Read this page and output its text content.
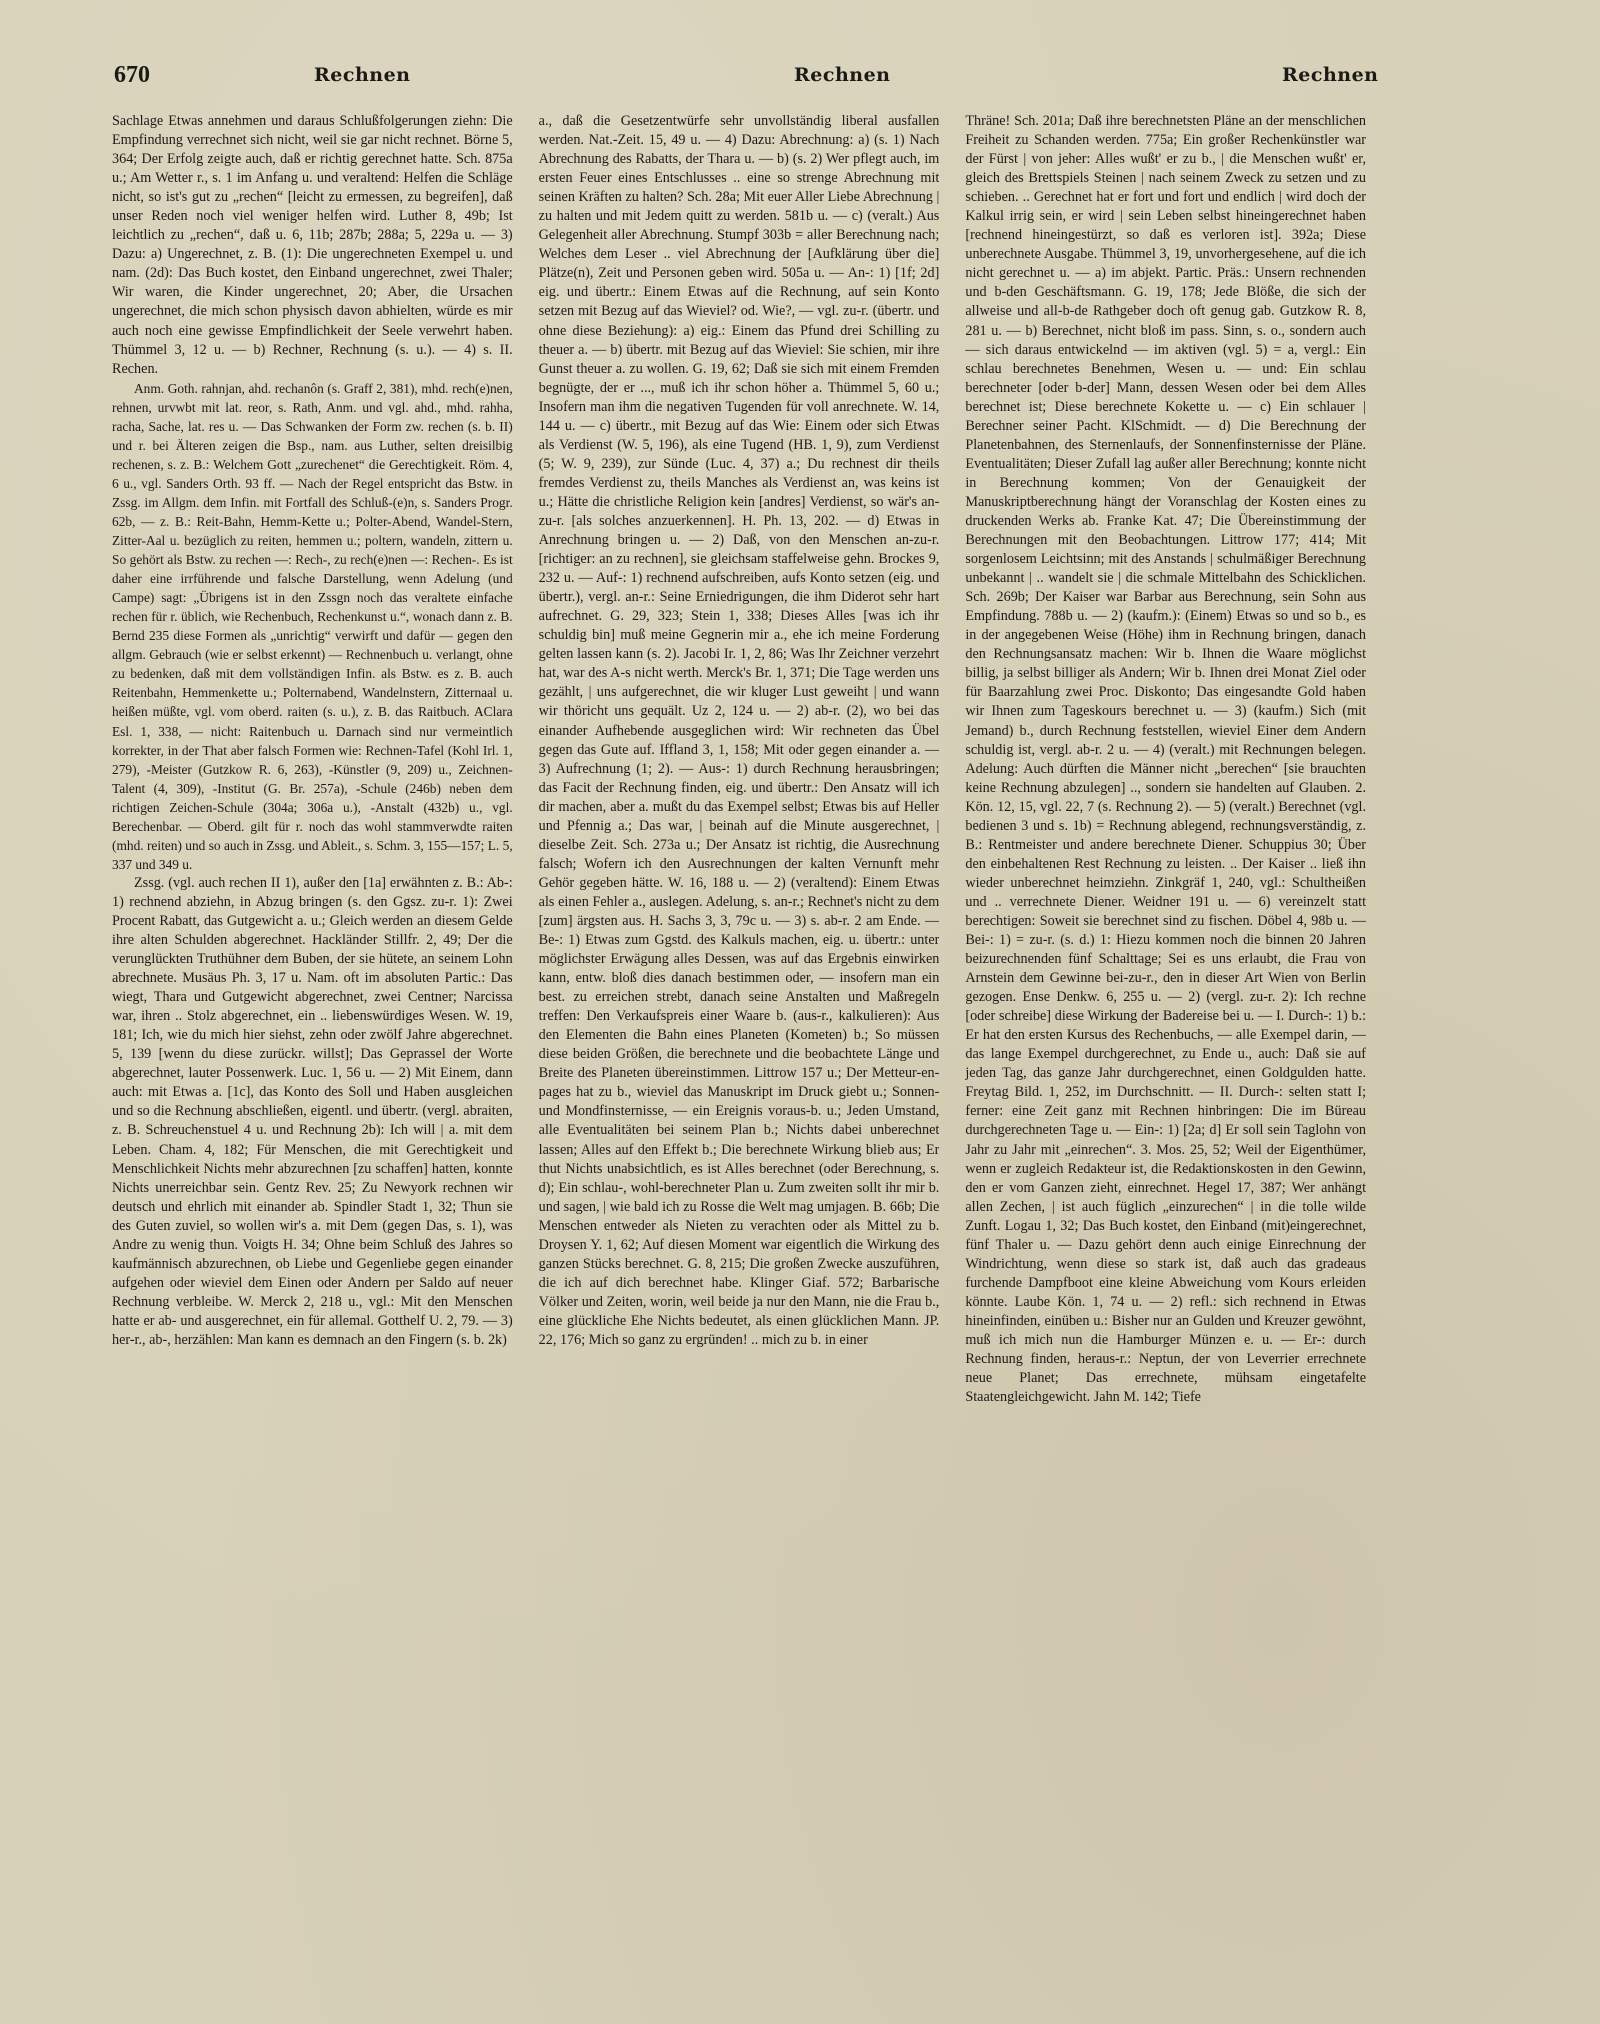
670	Rechnen	Rechnen	Rechnen

Sachlage Etwas annehmen und daraus Schlußfolgerungen ziehn: Die Empfindung verrechnet sich nicht, weil sie gar nicht rechnet. Börne 5, 364; Der Erfolg zeigte auch, daß er richtig gerechnet hatte. Sch. 875a u.; Am Wetter r., s. 1 im Anfang u. und veraltend: Helfen die Schläge nicht, so ist's gut zu „rechen“ [leicht zu ermessen, zu begreifen], daß unser Reden noch viel weniger helfen wird. Luther 8, 49b; Ist leichtlich zu „rechen“, daß u. 6, 11b; 287b; 288a; 5, 229a u. — 3) Dazu: a) Ungerechnet, z. B. (1): Die ungerechneten Exempel u. und nam. (2d): Das Buch kostet, den Einband ungerechnet, zwei Thaler; Wir waren, die Kinder ungerechnet, 20; Aber, die Ursachen ungerechnet, die mich schon physisch davon abhielten, würde es mir auch noch eine gewisse Empfindlichkeit der Seele verwehrt haben. Thümmel 3, 12 u. — b) Rechner, Rechnung (s. u.). — 4) s. II. Rechen.

Anm. Goth. rahnjan, ahd. rechanôn (s. Graff 2, 381), mhd. rech(e)nen, rehnen, urvwbt mit lat. reor, s. Rath, Anm. und vgl. ahd., mhd. rahha, racha, Sache, lat. res u. — Das Schwanken der Form zw. rechen (s. b. II) und r. bei Älteren zeigen die Bsp., nam. aus Luther, selten dreisilbig rechenen, s. z. B.: Welchem Gott „zurechenet“ die Gerechtigkeit. Röm. 4, 6 u., vgl. Sanders Orth. 93 ff. — Nach der Regel entspricht das Bstw. in Zssg. im Allgm. dem Infin. mit Fortfall des Schluß-(e)n, s. Sanders Progr. 62b, — z. B.: Reit-Bahn, Hemm-Kette u.; Polter-Abend, Wandel-Stern, Zitter-Aal u. bezüglich zu reiten, hemmen u.; poltern, wandeln, zittern u. So gehört als Bstw. zu rechen —: Rech-, zu rech(e)nen —: Rechen-. Es ist daher eine irrführende und falsche Darstellung, wenn Adelung (und Campe) sagt: „Übrigens ist in den Zssgn noch das veraltete einfache rechen für r. üblich, wie Rechenbuch, Rechenkunst u.“, wonach dann z. B. Bernd 235 diese Formen als „unrichtig“ verwirft und dafür — gegen den allgm. Gebrauch (wie er selbst erkennt) — Rechnenbuch u. verlangt, ohne zu bedenken, daß mit dem vollständigen Infin. als Bstw. es z. B. auch Reitenbahn, Hemmenkette u.; Polternabend, Wandelnstern, Zitternaal u. heißen müßte, vgl. vom oberd. raiten (s. u.), z. B. das Raitbuch. AClara Esl. 1, 338, — nicht: Raitenbuch u. Darnach sind nur vermeintlich korrekter, in der That aber falsch Formen wie: Rechnen-Tafel (Kohl Irl. 1, 279), -Meister (Gutzkow R. 6, 263), -Künstler (9, 209) u., Zeichnen-Talent (4, 309), -Institut (G. Br. 257a), -Schule (246b) neben dem richtigen Zeichen-Schule (304a; 306a u.), -Anstalt (432b) u., vgl. Berechenbar. — Oberd. gilt für r. noch das wohl stammverwdte raiten (mhd. reiten) und so auch in Zssg. und Ableit., s. Schm. 3, 155—157; L. 5, 337 und 349 u.

Zssg. (vgl. auch rechen II 1), außer den [1a] erwähnten z. B.: Ab-: 1) rechnend abziehn, in Abzug bringen (s. den Ggsz. zu-r. 1): Zwei Procent Rabatt, das Gutgewicht a. u.; Gleich werden an diesem Gelde ihre alten Schulden abgerechnet. Hackländer Stillfr. 2, 49; Der die verunglückten Truthühner dem Buben, der sie hütete, an seinem Lohn abrechnete. Musäus Ph. 3, 17 u. Nam. oft im absoluten Partic.: Das wiegt, Thara und Gutgewicht abgerechnet, zwei Centner; Narcissa war, ihren .. Stolz abgerechnet, ein .. liebenswürdiges Wesen. W. 19, 181; Ich, wie du mich hier siehst, zehn oder zwölf Jahre abgerechnet. 5, 139 [wenn du diese zurückr. willst]; Das Geprassel der Worte abgerechnet, lauter Possenwerk. Luc. 1, 56 u. — 2) Mit Einem, dann auch: mit Etwas a. [1c], das Konto des Soll und Haben ausgleichen und so die Rechnung abschließen, eigentl. und übertr. (vergl. abraiten, z. B. Schreuchenstuel 4 u. und Rechnung 2b): Ich will | a. mit dem Leben. Cham. 4, 182; Für Menschen, die mit Gerechtigkeit und Menschlichkeit Nichts mehr abzurechnen [zu schaffen] hatten, konnte Nichts unerreichbar sein. Gentz Rev. 25; Zu Newyork rechnen wir deutsch und ehrlich mit einander ab. Spindler Stadt 1, 32; Thun sie des Guten zuviel, so wollen wir's a. mit Dem (gegen Das, s. 1), was Andre zu wenig thun. Voigts H. 34; Ohne beim Schluß des Jahres so kaufmännisch abzurechnen, ob Liebe und Gegenliebe gegen einander aufgehen oder wieviel dem Einen oder Andern per Saldo auf neuer Rechnung verbleibe. W. Merck 2, 218 u., vgl.: Mit den Menschen hatte er ab- und ausgerechnet, ein für allemal. Gotthelf U. 2, 79. — 3) her-r., ab-, herzählen: Man kann es demnach an den Fingern (s. b. 2k)

a., daß die Gesetzentwürfe sehr unvollständig liberal ausfallen werden. Nat.-Zeit. 15, 49 u. — 4) Dazu: Abrechnung: a) (s. 1) Nach Abrechnung des Rabatts, der Thara u. — b) (s. 2) Wer pflegt auch, im ersten Feuer eines Entschlusses .. eine so strenge Abrechnung mit seinen Kräften zu halten? Sch. 28a; Mit euer Aller Liebe Abrechnung | zu halten und mit Jedem quitt zu werden. 581b u. — c) (veralt.) Aus Gelegenheit aller Abrechnung. Stumpf 303b = aller Berechnung nach; Welches dem Leser .. viel Abrechnung der [Aufklärung über die] Plätze(n), Zeit und Personen geben wird. 505a u. — An-: 1) [1f; 2d] eig. und übertr.: Einem Etwas auf die Rechnung, auf sein Konto setzen mit Bezug auf das Wieviel? od. Wie?, — vgl. zu-r. (übertr. und ohne diese Beziehung): a) eig.: Einem das Pfund drei Schilling zu theuer a. — b) übertr. mit Bezug auf das Wieviel: Sie schien, mir ihre Gunst theuer a. zu wollen. G. 19, 62; Daß sie sich mit einem Fremden begnügte, der er ..., muß ich ihr schon höher a. Thümmel 5, 60 u.; Insofern man ihm die negativen Tugenden für voll anrechnete. W. 14, 144 u. — c) übertr., mit Bezug auf das Wie: Einem oder sich Etwas als Verdienst (W. 5, 196), als eine Tugend (HB. 1, 9), zum Verdienst (5; W. 9, 239), zur Sünde (Luc. 4, 37) a.; Du rechnest dir theils fremdes Verdienst zu, theils Manches als Verdienst an, was keins ist u.; Hätte die christliche Religion kein [andres] Verdienst, so wär's an-zu-r. [als solches anzuerkennen]. H. Ph. 13, 202. — d) Etwas in Anrechnung bringen u. — 2) Daß, von den Menschen an-zu-r. [richtiger: an zu rechnen], sie gleichsam staffelweise gehn. Brockes 9, 232 u. — Auf-: 1) rechnend aufschreiben, aufs Konto setzen (eig. und übertr.), vergl. an-r.: Seine Erniedrigungen, die ihm Diderot sehr hart aufrechnet. G. 29, 323; Stein 1, 338; Dieses Alles [was ich ihr schuldig bin] muß meine Gegnerin mir a., ehe ich meine Forderung gelten lassen kann (s. 2). Jacobi Ir. 1, 2, 86; Was Ihr Zeichner verzehrt hat, war des A-s nicht werth. Merck's Br. 1, 371; Die Tage werden uns gezählt, | uns aufgerechnet, die wir kluger Lust geweiht | und wann wir thöricht uns gequält. Uz 2, 124 u. — 2) ab-r. (2), wo bei das einander Aufhebende ausgeglichen wird: Wir rechneten das Übel gegen das Gute auf. Iffland 3, 1, 158; Mit oder gegen einander a. — 3) Aufrechnung (1; 2). — Aus-: 1) durch Rechnung herausbringen; das Facit der Rechnung finden, eig. und übertr.: Den Ansatz will ich dir machen, aber a. mußt du das Exempel selbst; Etwas bis auf Heller und Pfennig a.; Das war, | beinah auf die Minute ausgerechnet, | dieselbe Zeit. Sch. 273a u.; Der Ansatz ist richtig, die Ausrechnung falsch; Wofern ich den Ausrechnungen der kalten Vernunft mehr Gehör gegeben hätte. W. 16, 188 u. — 2) (veraltend): Einem Etwas als einen Fehler a., auslegen. Adelung, s. an-r.; Rechnet's nicht zu dem [zum] ärgsten aus. H. Sachs 3, 3, 79c u. — 3) s. ab-r. 2 am Ende. — Be-: 1) Etwas zum Ggstd. des Kalkuls machen, eig. u. übertr.: unter möglichster Erwägung alles Dessen, was auf das Ergebnis einwirken kann, entw. bloß dies danach bestimmen oder, — insofern man ein best. zu erreichen strebt, danach seine Anstalten und Maßregeln treffen: Den Verkaufspreis einer Waare b. (aus-r., kalkulieren): Aus den Elementen die Bahn eines Planeten (Kometen) b.; So müssen diese beiden Größen, die berechnete und die beobachtete Länge und Breite des Planeten übereinstimmen. Littrow 157 u.; Der Metteur-en-pages hat zu b., wieviel das Manuskript im Druck giebt u.; Sonnen- und Mondfinsternisse, — ein Ereignis voraus-b. u.; Jeden Umstand, alle Eventualitäten bei seinem Plan b.; Nichts dabei unberechnet lassen; Alles auf den Effekt b.; Die berechnete Wirkung blieb aus; Er thut Nichts unabsichtlich, es ist Alles berechnet (oder Berechnung, s. d); Ein schlau-, wohl-berechneter Plan u. Zum zweiten sollt ihr mir b. und sagen, | wie bald ich zu Rosse die Welt mag umjagen. B. 66b; Die Menschen entweder als Nieten zu verachten oder als Mittel zu b. Droysen Y. 1, 62; Auf diesen Moment war eigentlich die Wirkung des ganzen Stücks berechnet. G. 8, 215; Die großen Zwecke auszuführen, die ich auf dich berechnet habe. Klinger Giaf. 572; Barbarische Völker und Zeiten, worin, weil beide ja nur den Mann, nie die Frau b., eine glückliche Ehe Nichts bedeutet, als einen glücklichen Mann. JP. 22, 176; Mich so ganz zu ergründen! .. mich zu b. in einer

Thräne! Sch. 201a; Daß ihre berechnetsten Pläne an der menschlichen Freiheit zu Schanden werden. 775a; Ein großer Rechenkünstler war der Fürst | von jeher: Alles wußt' er zu b., | die Menschen wußt' er, gleich des Brettspiels Steinen | nach seinem Zweck zu setzen und zu schieben. .. Gerechnet hat er fort und fort und endlich | wird doch der Kalkul irrig sein, er wird | sein Leben selbst hineingerechnet haben [rechnend hineingestürzt, so daß es verloren ist]. 392a; Diese unberechnete Ausgabe. Thümmel 3, 19, unvorhergesehene, auf die ich nicht gerechnet u. — a) im abjekt. Partic. Präs.: Unsern rechnenden und b-den Geschäftsmann. G. 19, 178; Jede Blöße, die sich der allweise und all-b-de Rathgeber doch oft genug gab. Gutzkow R. 8, 281 u. — b) Berechnet, nicht bloß im pass. Sinn, s. o., sondern auch — sich daraus entwickelnd — im aktiven (vgl. 5) = a, vergl.: Ein schlau berechnetes Benehmen, Wesen u. — und: Ein schlau berechneter [oder b-der] Mann, dessen Wesen oder bei dem Alles berechnet ist; Diese berechnete Kokette u. — c) Ein schlauer | Berechner seiner Pacht. KlSchmidt. — d) Die Berechnung der Planetenbahnen, des Sternenlaufs, der Sonnenfinsternisse der Pläne. Eventualitäten; Dieser Zufall lag außer aller Berechnung; konnte nicht in Berechnung kommen; Von der Genauigkeit der Manuskriptberechnung hängt der Voranschlag der Kosten eines zu druckenden Werks ab. Franke Kat. 47; Die Übereinstimmung der Berechnungen mit den Beobachtungen. Littrow 177; 414; Mit sorgenlosem Leichtsinn; mit des Anstands | schulmäßiger Berechnung unbekannt | .. wandelt sie | die schmale Mittelbahn des Schicklichen. Sch. 269b; Der Kaiser war Barbar aus Berechnung, sein Sohn aus Empfindung. 788b u. — 2) (kaufm.): (Einem) Etwas so und so b., es in der angegebenen Weise (Höhe) ihm in Rechnung bringen, danach den Rechnungsansatz machen: Wir b. Ihnen die Waare möglichst billig, ja selbst billiger als Andern; Wir b. Ihnen drei Monat Ziel oder für Baarzahlung zwei Proc. Diskonto; Das eingesandte Gold haben wir Ihnen zum Tageskours berechnet u. — 3) (kaufm.) Sich (mit Jemand) b., durch Rechnung feststellen, wieviel Einer dem Andern schuldig ist, vergl. ab-r. 2 u. — 4) (veralt.) mit Rechnungen belegen. Adelung: Auch dürften die Männer nicht „berechen“ [sie brauchten keine Rechnung abzulegen] .., sondern sie handelten auf Glauben. 2. Kön. 12, 15, vgl. 22, 7 (s. Rechnung 2). — 5) (veralt.) Berechnet (vgl. bedienen 3 und s. 1b) = Rechnung ablegend, rechnungsverständig, z. B.: Rentmeister und andere berechnete Diener. Schuppius 30; Über den einbehaltenen Rest Rechnung zu leisten. .. Der Kaiser .. ließ ihn wieder unberechnet heimziehn. Zinkgräf 1, 240, vgl.: Schultheißen und .. verrechnete Diener. Weidner 191 u. — 6) vereinzelt statt berechtigen: Soweit sie berechnet sind zu fischen. Döbel 4, 98b u. — Bei-: 1) = zu-r. (s. d.) 1: Hiezu kommen noch die binnen 20 Jahren beizurechnenden fünf Schalttage; Sei es uns erlaubt, die Frau von Arnstein dem Gewinne bei-zu-r., den in dieser Art Wien von Berlin gezogen. Ense Denkw. 6, 255 u. — 2) (vergl. zu-r. 2): Ich rechne [oder schreibe] diese Wirkung der Badereise bei u. — I. Durch-: 1) b.: Er hat den ersten Kursus des Rechenbuchs, — alle Exempel darin, — das lange Exempel durchgerechnet, zu Ende u., auch: Daß sie auf jeden Tag, das ganze Jahr durchgerechnet, einen Goldgulden hatte. Freytag Bild. 1, 252, im Durchschnitt. — II. Durch-: selten statt I; ferner: eine Zeit ganz mit Rechnen hinbringen: Die im Büreau durchgerechneten Tage u. — Ein-: 1) [2a; d] Er soll sein Taglohn von Jahr zu Jahr mit „einrechen“. 3. Mos. 25, 52; Weil der Eigenthümer, wenn er zugleich Redakteur ist, die Redaktionskosten in den Gewinn, den er vom Ganzen zieht, einrechnet. Hegel 17, 387; Wer anhängt allen Zechen, | ist auch füglich „einzurechen“ | in die tolle wilde Zunft. Logau 1, 32; Das Buch kostet, den Einband (mit)eingerechnet, fünf Thaler u. — Dazu gehört denn auch einige Einrechnung der Windrichtung, wenn diese so stark ist, daß auch das gradeaus furchende Dampfboot eine kleine Abweichung vom Kours erleiden könnte. Laube Kön. 1, 74 u. — 2) refl.: sich rechnend in Etwas hineinfinden, einüben u.: Bisher nur an Gulden und Kreuzer gewöhnt, muß ich mich nun die Hamburger Münzen e. u. — Er-: durch Rechnung finden, heraus-r.: Neptun, der von Leverrier errechnete neue Planet; Das errechnete, mühsam eingetafelte Staatengleichgewicht. Jahn M. 142; Tiefe
